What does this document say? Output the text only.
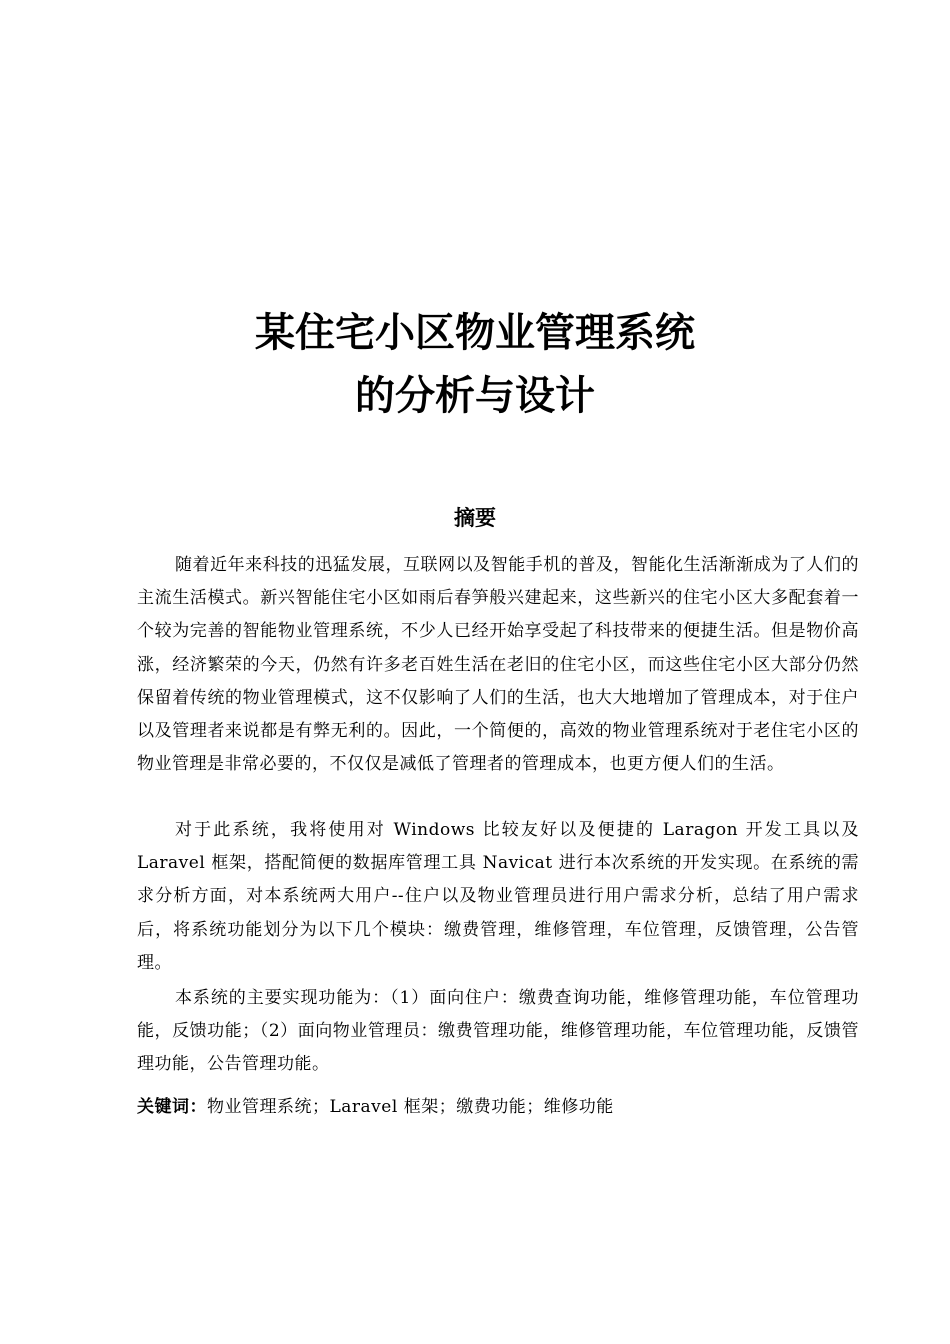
某住宅小区物业管理系统
的分析与设计
摘要

随着近年来科技的迅猛发展，互联网以及智能手机的普及，智能化生活渐渐成为了人们的主流生活模式。新兴智能住宅小区如雨后春笋般兴建起来，这些新兴的住宅小区大多配套着一个较为完善的智能物业管理系统，不少人已经开始享受起了科技带来的便捷生活。但是物价高涨，经济繁荣的今天，仍然有许多老百姓生活在老旧的住宅小区，而这些住宅小区大部分仍然保留着传统的物业管理模式，这不仅影响了人们的生活，也大大地增加了管理成本，对于住户以及管理者来说都是有弊无利的。因此，一个简便的，高效的物业管理系统对于老住宅小区的物业管理是非常必要的，不仅仅是减低了管理者的管理成本，也更方便人们的生活。

对于此系统，我将使用对 Windows 比较友好以及便捷的 Laragon 开发工具以及 Laravel 框架，搭配简便的数据库管理工具 Navicat 进行本次系统的开发实现。在系统的需求分析方面，对本系统两大用户--住户以及物业管理员进行用户需求分析，总结了用户需求后，将系统功能划分为以下几个模块：缴费管理，维修管理，车位管理，反馈管理，公告管理。

本系统的主要实现功能为：（1）面向住户：缴费查询功能，维修管理功能，车位管理功能，反馈功能；（2）面向物业管理员：缴费管理功能，维修管理功能，车位管理功能，反馈管理功能，公告管理功能。

关键词：物业管理系统；Laravel 框架；缴费功能；维修功能
